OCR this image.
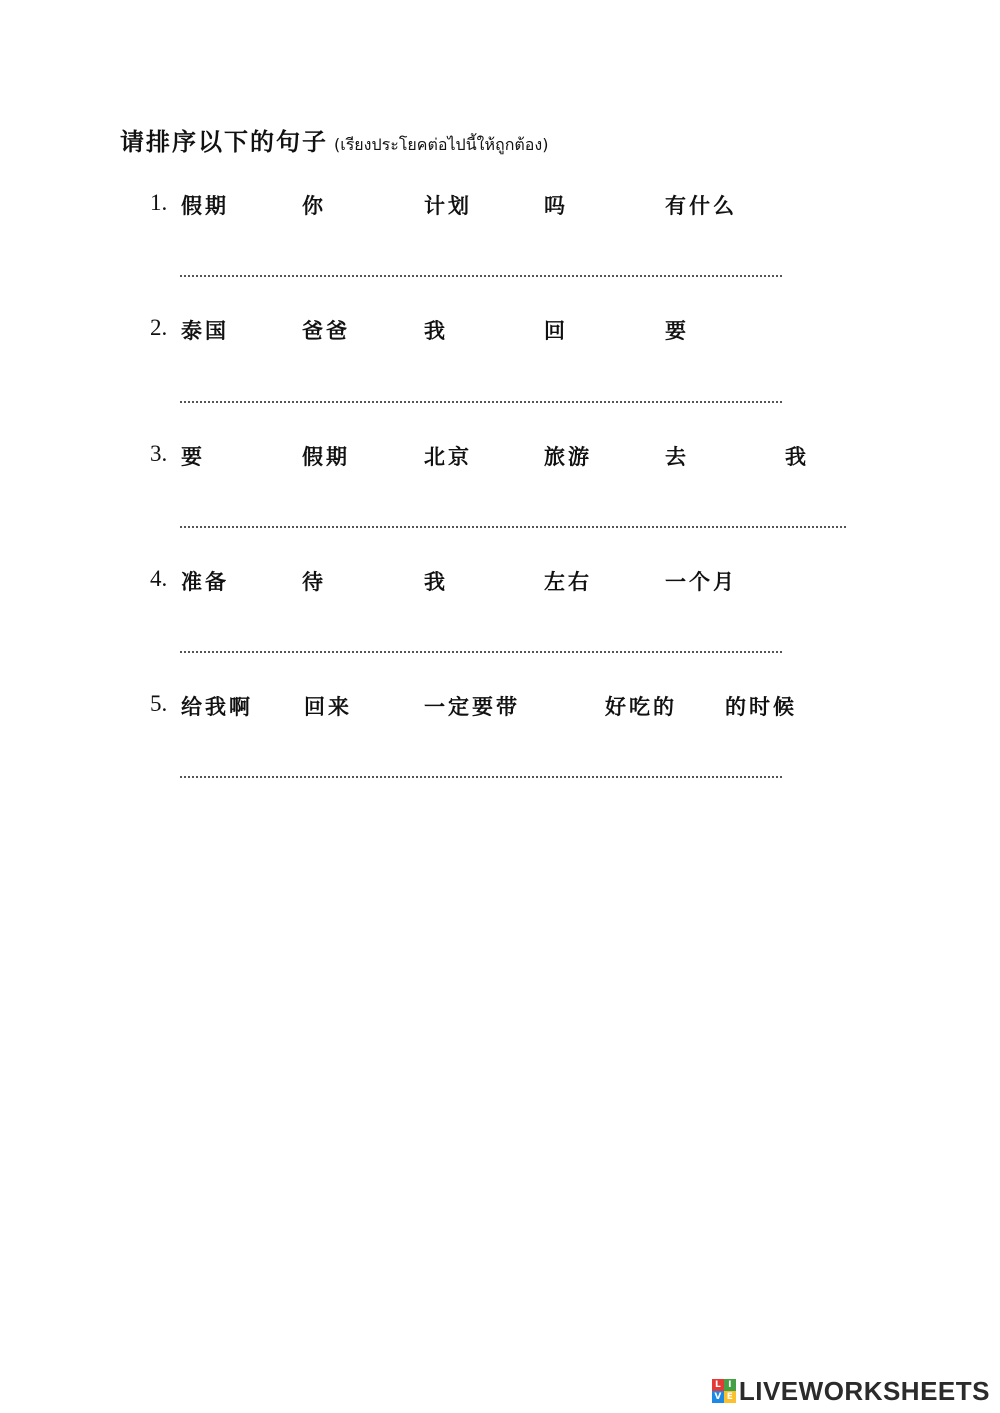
请排序以下的句子 (เรียงประโยคต่อไปนี้ให้ถูกต้อง)
1. 假期	你	计划	吗	有什么
2. 泰国	爸爸	我	回	要
3. 要	假期	北京	旅游	去	我
4. 准备	待	我	左右	一个月
5. 给我啊 回来	一定要带	好吃的 的时候
L I
V E LIVEWORKSHEETS
